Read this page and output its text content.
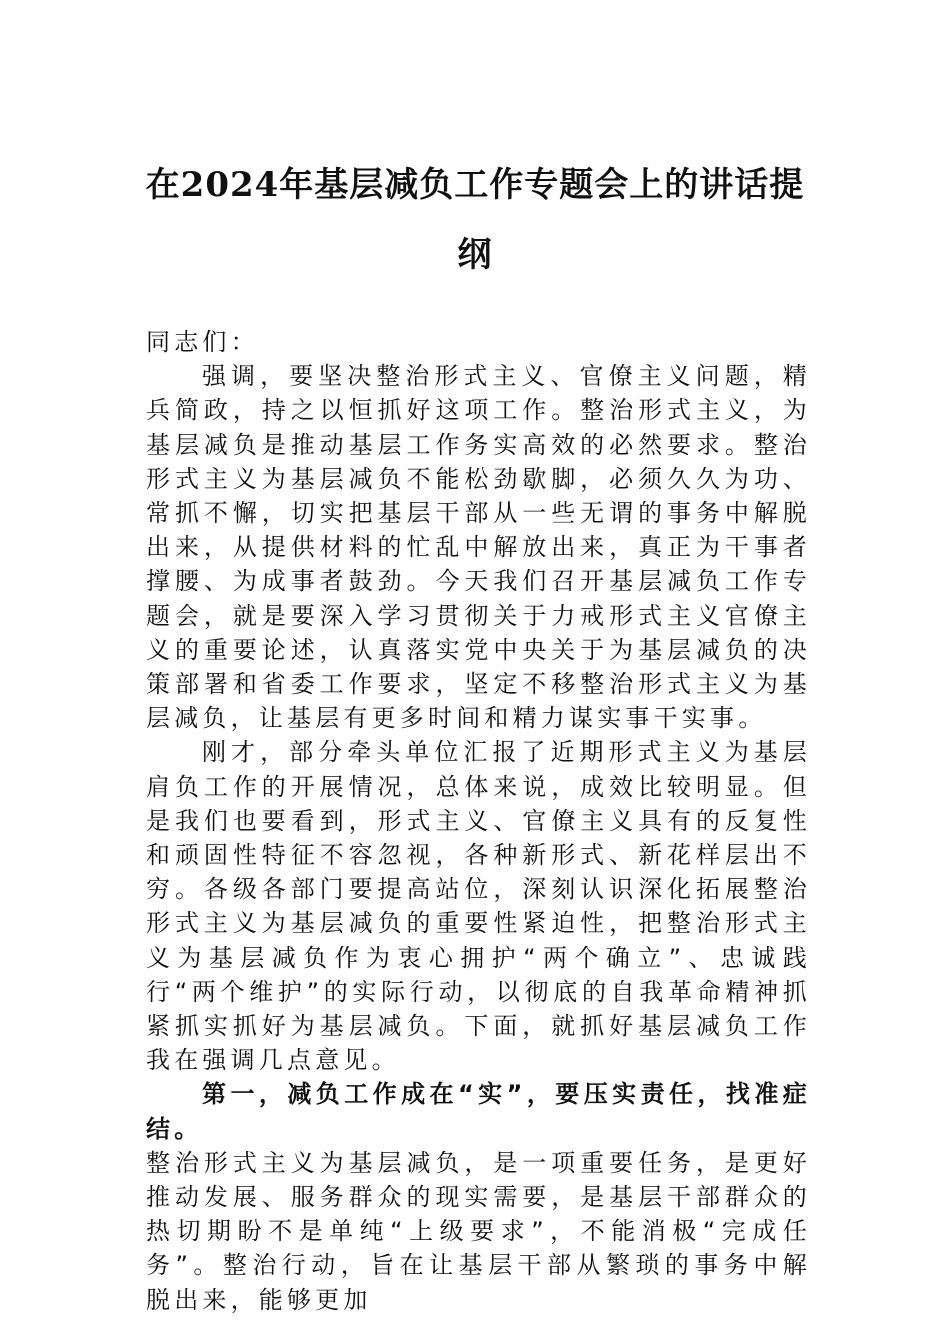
在2024年基层减负工作专题会上的讲话提
纲

同志们：

强调，要坚决整治形式主义、官僚主义问题，精兵简政，持之以恒抓好这项工作。整治形式主义，为基层减负是推动基层工作务实高效的必然要求。整治形式主义为基层减负不能松劲歇脚，必须久久为功、常抓不懈，切实把基层干部从一些无谓的事务中解脱出来，从提供材料的忙乱中解放出来，真正为干事者撑腰、为成事者鼓劲。今天我们召开基层减负工作专题会，就是要深入学习贯彻关于力戒形式主义官僚主义的重要论述，认真落实党中央关于为基层减负的决策部署和省委工作要求，坚定不移整治形式主义为基层减负，让基层有更多时间和精力谋实事干实事。

刚才，部分牵头单位汇报了近期形式主义为基层肩负工作的开展情况，总体来说，成效比较明显。但是我们也要看到，形式主义、官僚主义具有的反复性和顽固性特征不容忽视，各种新形式、新花样层出不穷。各级各部门要提高站位，深刻认识深化拓展整治形式主义为基层减负的重要性紧迫性，把整治形式主义为基层减负作为衷心拥护“两个确立”、忠诚践行“两个维护”的实际行动，以彻底的自我革命精神抓紧抓实抓好为基层减负。下面，就抓好基层减负工作我在强调几点意见。

第一，减负工作成在“实”，要压实责任，找准症结。

整治形式主义为基层减负，是一项重要任务，是更好推动发展、服务群众的现实需要，是基层干部群众的热切期盼不是单纯“上级要求”，不能消极“完成任务”。整治行动，旨在让基层干部从繁琐的事务中解脱出来，能够更加
